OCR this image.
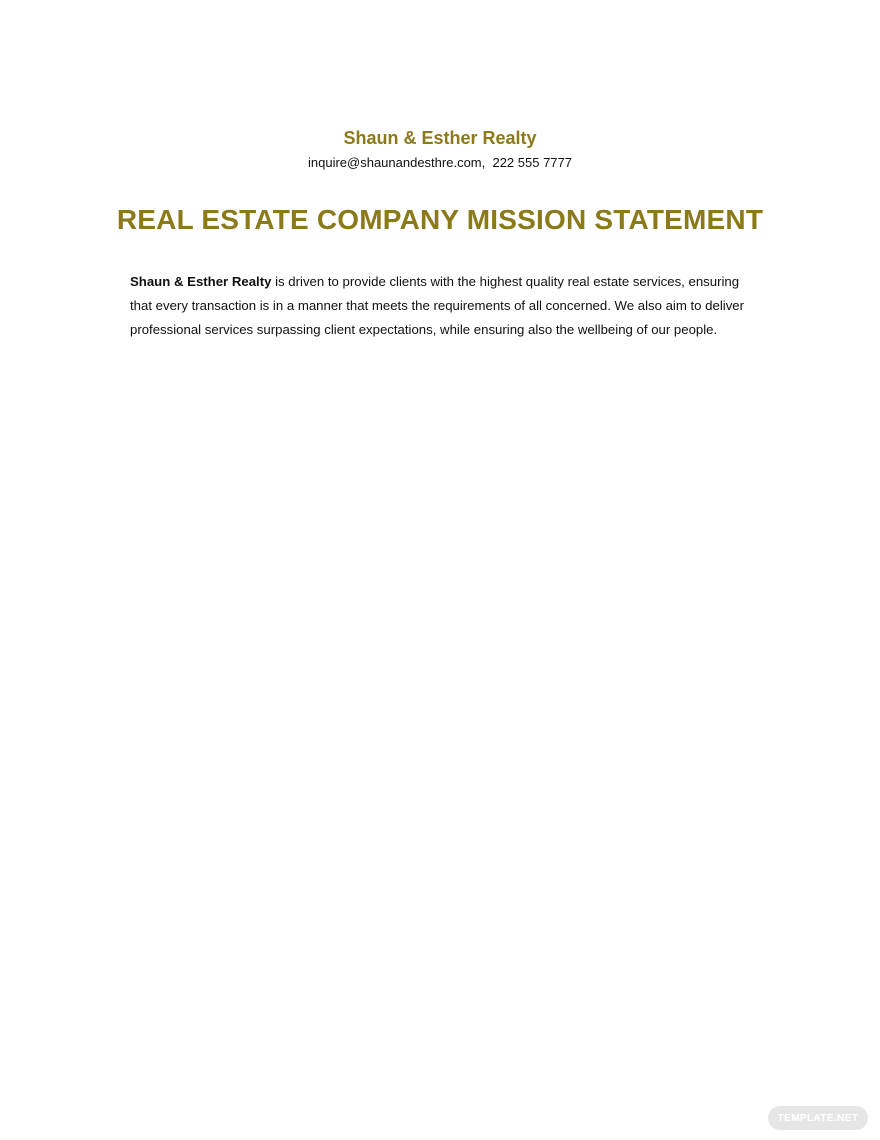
Shaun & Esther Realty
inquire@shaunandesthre.com,  222 555 7777
REAL ESTATE COMPANY MISSION STATEMENT
Shaun & Esther Realty is driven to provide clients with the highest quality real estate services, ensuring that every transaction is in a manner that meets the requirements of all concerned. We also aim to deliver professional services surpassing client expectations, while ensuring also the wellbeing of our people.
TEMPLATE.NET
